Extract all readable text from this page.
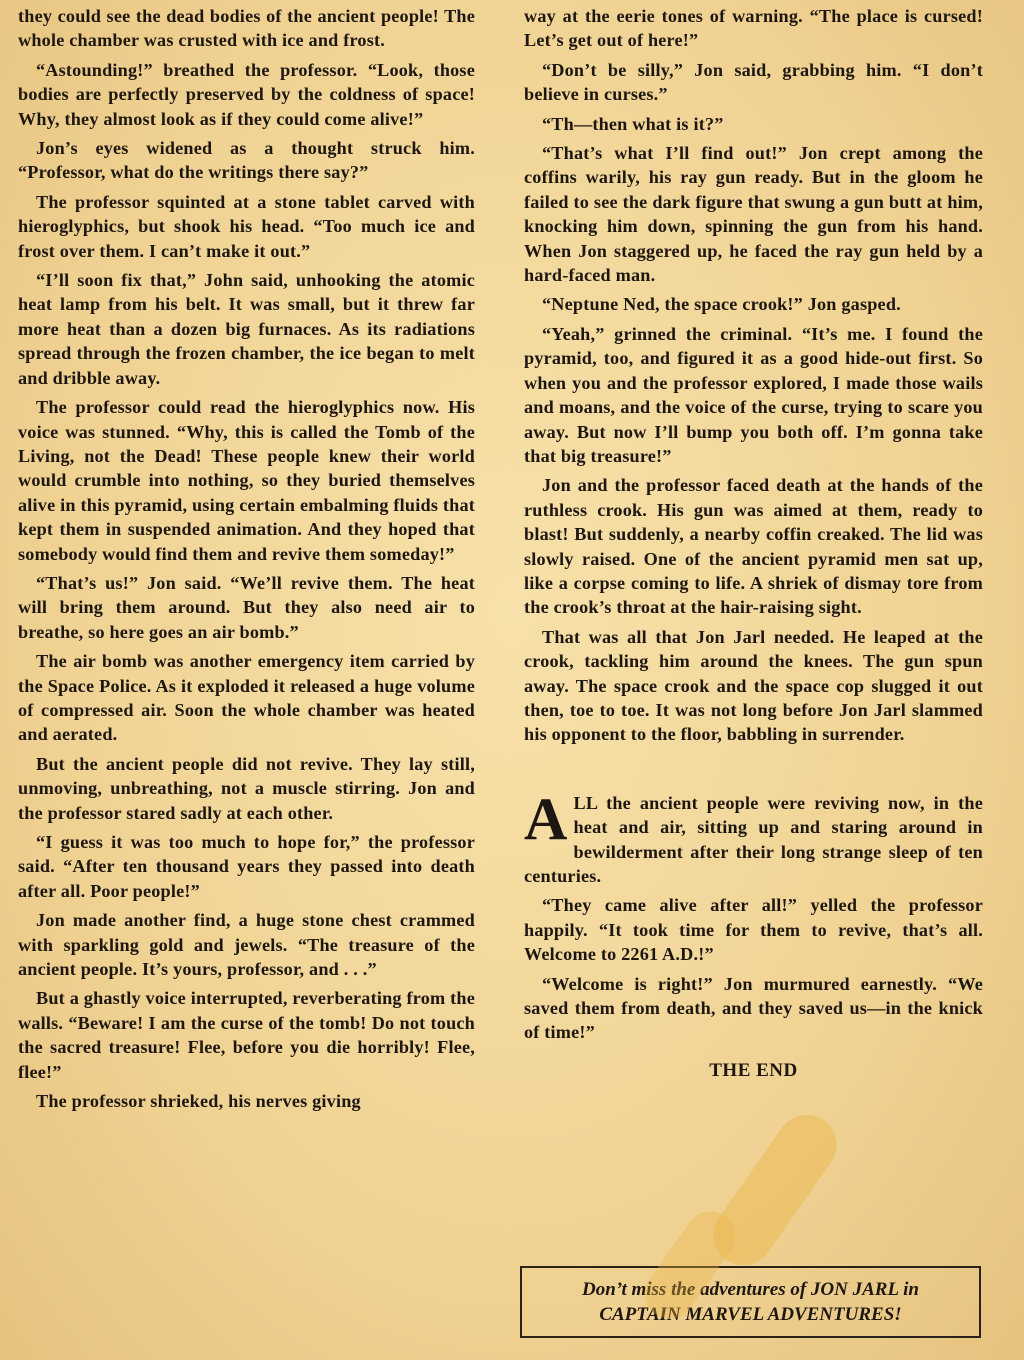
they could see the dead bodies of the ancient people! The whole chamber was crusted with ice and frost.

“Astounding!” breathed the professor. “Look, those bodies are perfectly preserved by the coldness of space! Why, they almost look as if they could come alive!”

Jon’s eyes widened as a thought struck him. “Professor, what do the writings there say?”

The professor squinted at a stone tablet carved with hieroglyphics, but shook his head. “Too much ice and frost over them. I can’t make it out.”

“I’ll soon fix that,” John said, unhooking the atomic heat lamp from his belt. It was small, but it threw far more heat than a dozen big furnaces. As its radiations spread through the frozen chamber, the ice began to melt and dribble away.

The professor could read the hieroglyphics now. His voice was stunned. “Why, this is called the Tomb of the Living, not the Dead! These people knew their world would crumble into nothing, so they buried themselves alive in this pyramid, using certain embalming fluids that kept them in suspended animation. And they hoped that somebody would find them and revive them someday!”

“That’s us!” Jon said. “We’ll revive them. The heat will bring them around. But they also need air to breathe, so here goes an air bomb.”

The air bomb was another emergency item carried by the Space Police. As it exploded it released a huge volume of compressed air. Soon the whole chamber was heated and aerated.

But the ancient people did not revive. They lay still, unmoving, unbreathing, not a muscle stirring. Jon and the professor stared sadly at each other.

“I guess it was too much to hope for,” the professor said. “After ten thousand years they passed into death after all. Poor people!”

Jon made another find, a huge stone chest crammed with sparkling gold and jewels. “The treasure of the ancient people. It’s yours, professor, and . . .”

But a ghastly voice interrupted, reverberating from the walls. “Beware! I am the curse of the tomb! Do not touch the sacred treasure! Flee, before you die horribly! Flee, flee!”

The professor shrieked, his nerves giving

way at the eerie tones of warning. “The place is cursed! Let’s get out of here!”

“Don’t be silly,” Jon said, grabbing him. “I don’t believe in curses.”

“Th—then what is it?”

“That’s what I’ll find out!” Jon crept among the coffins warily, his ray gun ready. But in the gloom he failed to see the dark figure that swung a gun butt at him, knocking him down, spinning the gun from his hand. When Jon staggered up, he faced the ray gun held by a hard-faced man.

“Neptune Ned, the space crook!” Jon gasped.

“Yeah,” grinned the criminal. “It’s me. I found the pyramid, too, and figured it as a good hide-out first. So when you and the professor explored, I made those wails and moans, and the voice of the curse, trying to scare you away. But now I’ll bump you both off. I’m gonna take that big treasure!”

Jon and the professor faced death at the hands of the ruthless crook. His gun was aimed at them, ready to blast! But suddenly, a nearby coffin creaked. The lid was slowly raised. One of the ancient pyramid men sat up, like a corpse coming to life. A shriek of dismay tore from the crook’s throat at the hair-raising sight.

That was all that Jon Jarl needed. He leaped at the crook, tackling him around the knees. The gun spun away. The space crook and the space cop slugged it out then, toe to toe. It was not long before Jon Jarl slammed his opponent to the floor, babbling in surrender.

ALL the ancient people were reviving now, in the heat and air, sitting up and staring around in bewilderment after their long strange sleep of ten centuries.

“They came alive after all!” yelled the professor happily. “It took time for them to revive, that’s all. Welcome to 2261 A.D.!”

“Welcome is right!” Jon murmured earnestly. “We saved them from death, and they saved us—in the knick of time!”

THE END
Don’t miss the adventures of JON JARL in
CAPTAIN MARVEL ADVENTURES!
